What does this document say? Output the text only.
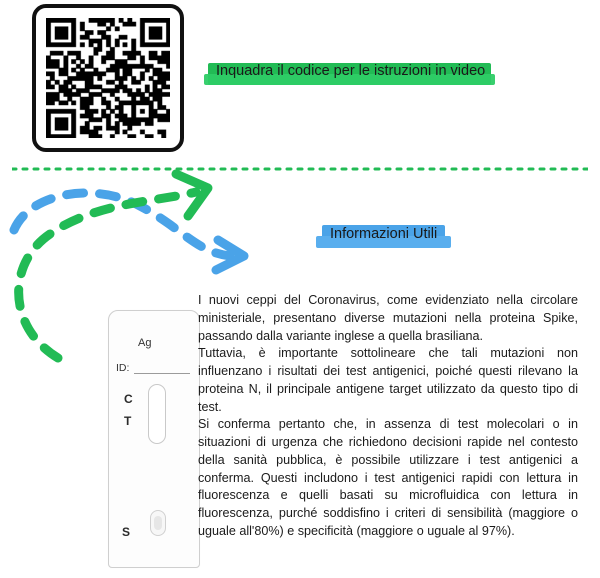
Inquadra il codice per le istruzioni in video
Informazioni Utili
Ag
ID:
C
T
S

I nuovi ceppi del Coronavirus, come evidenziato nella circolare ministeriale, presentano diverse mutazioni nella proteina Spike, passando dalla variante inglese a quella brasiliana.

Tuttavia, è importante sottolineare che tali mutazioni non influenzano i risultati dei test antigenici, poiché questi rilevano la proteina N, il principale antigene target utilizzato da questo tipo di test.

Si conferma pertanto che, in assenza di test molecolari o in situazioni di urgenza che richiedono decisioni rapide nel contesto della sanità pubblica, è possibile utilizzare i test antigenici a conferma. Questi includono i test antigenici rapidi con lettura in fluorescenza e quelli basati su microfluidica con lettura in fluorescenza, purché soddisfino i criteri di sensibilità (maggiore o uguale all'80%) e specificità (maggiore o uguale al 97%).
